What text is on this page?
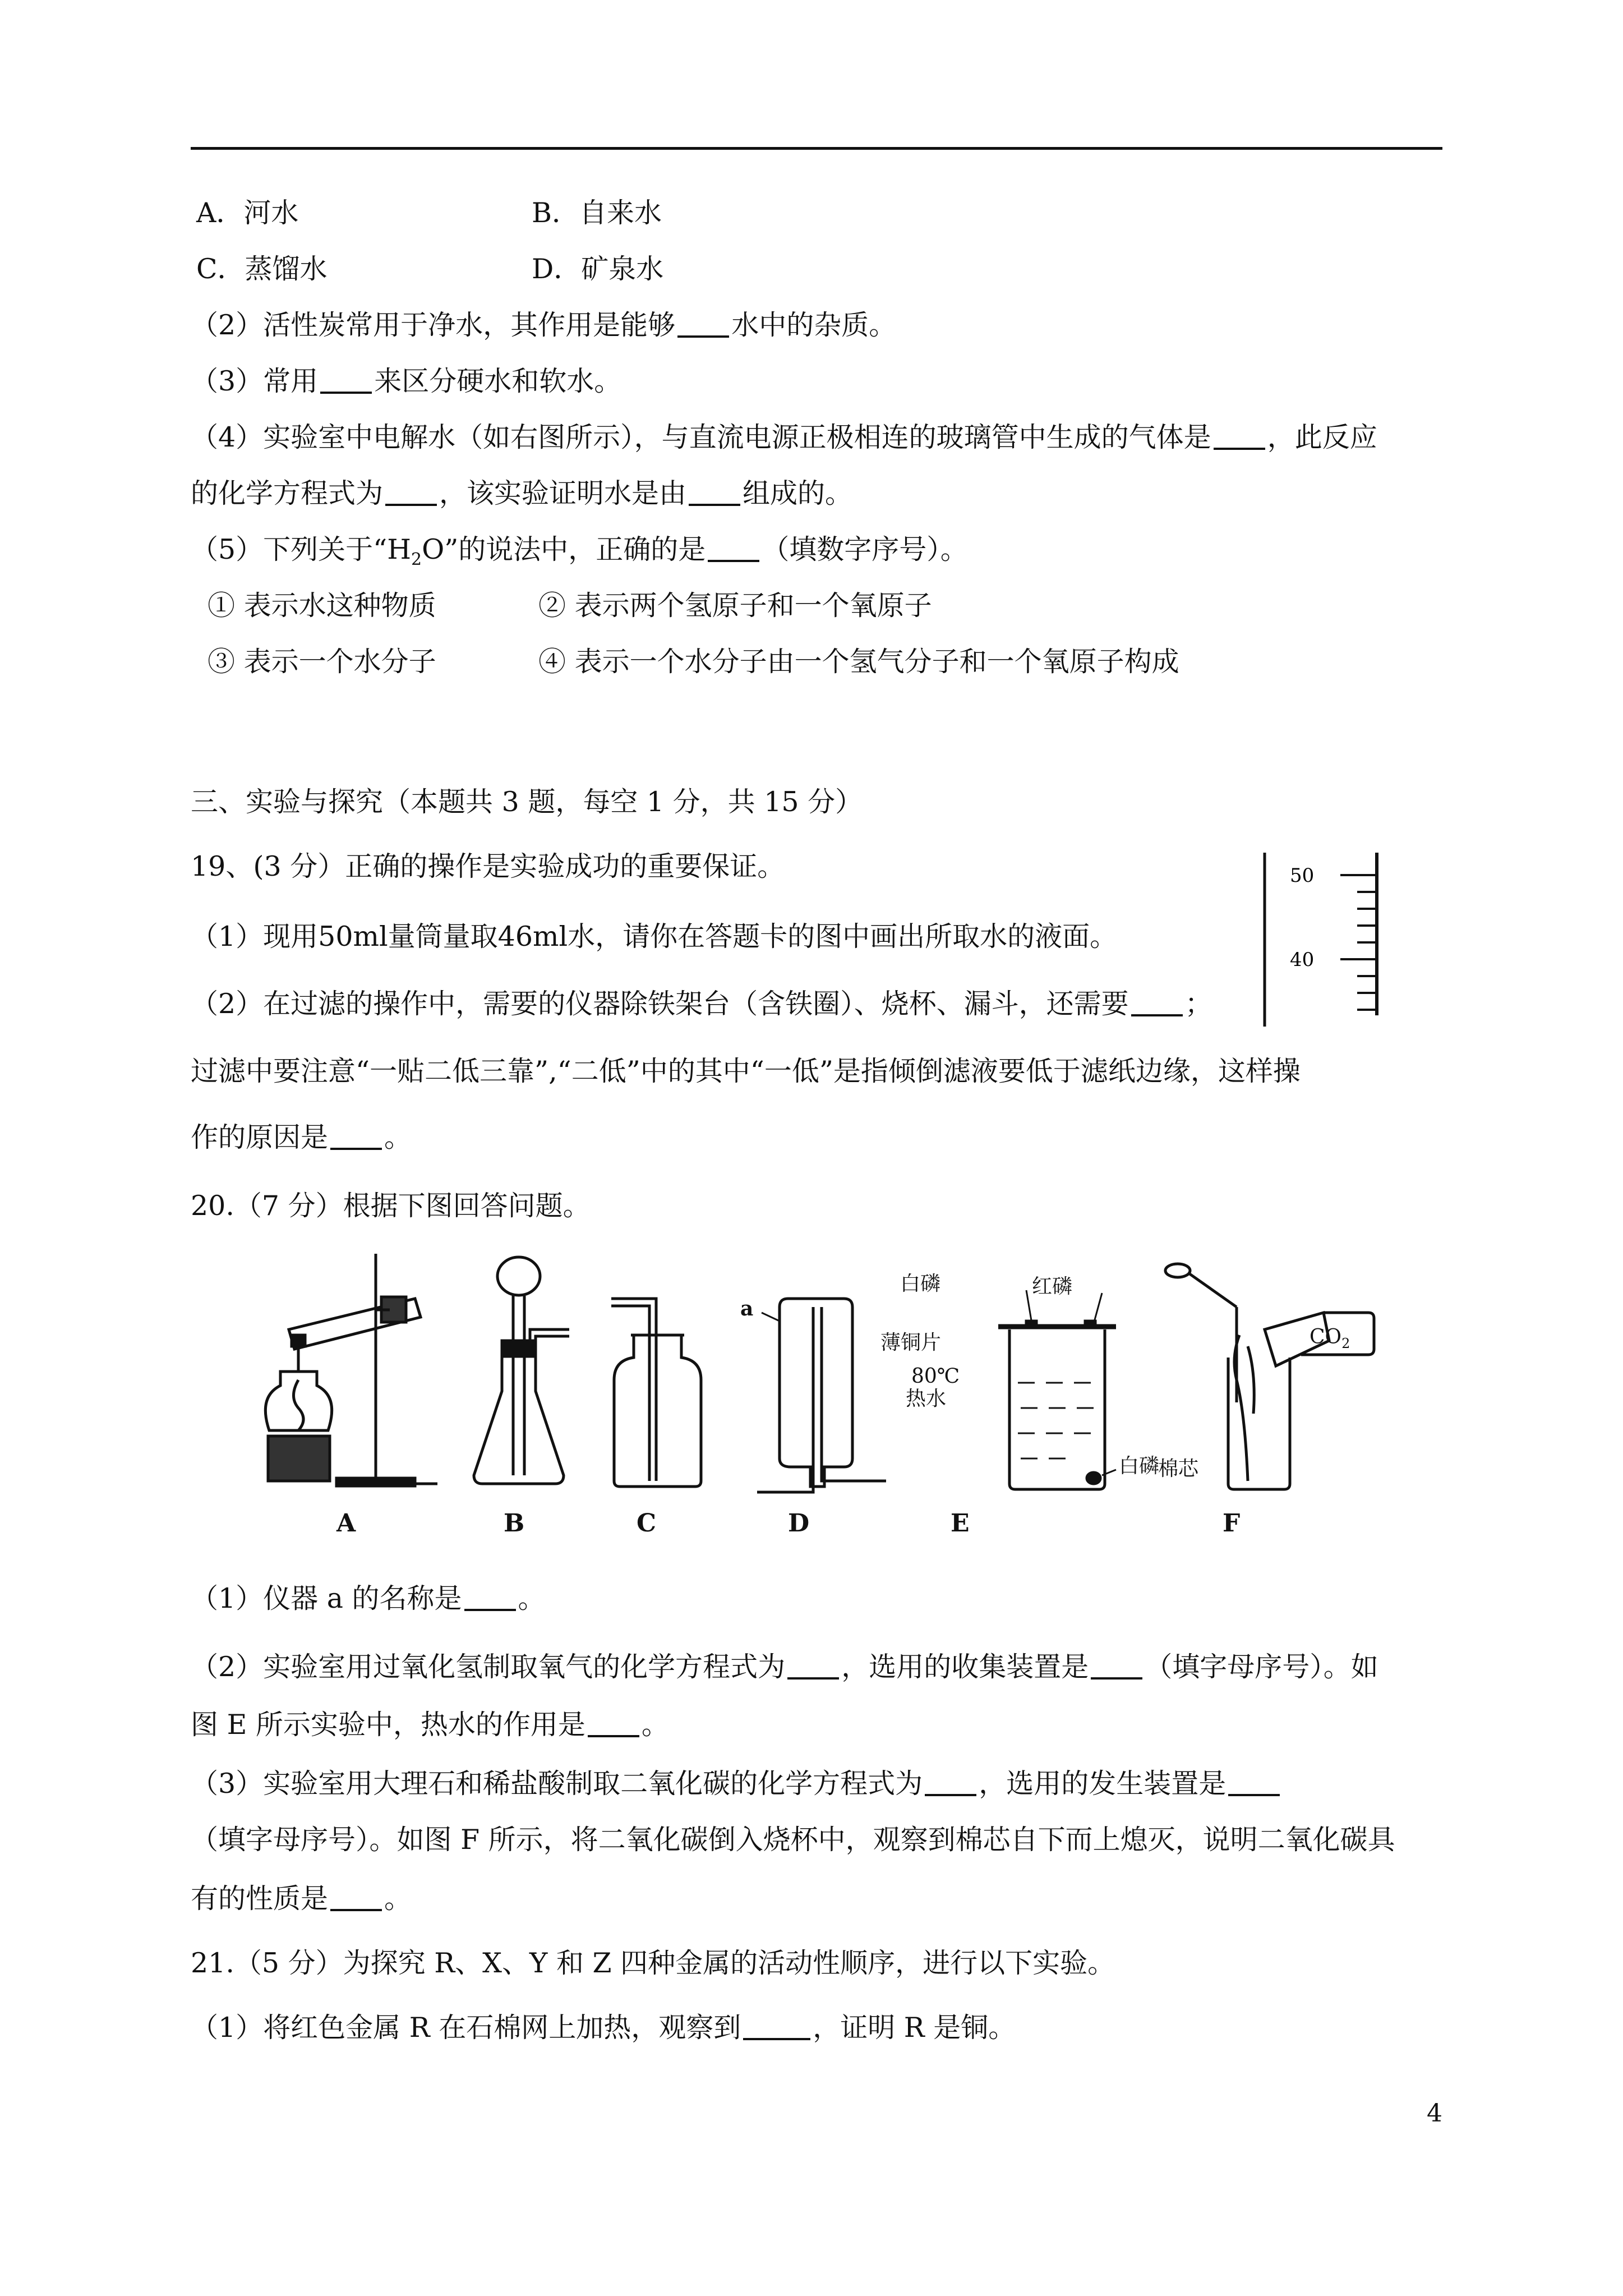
A．河水	B．自来水
C．蒸馏水	D．矿泉水
（2）活性炭常用于净水，其作用是能够 水中的杂质。
（3）常用 来区分硬水和软水。
（4）实验室中电解水（如右图所示），与直流电源正极相连的玻璃管中生成的气体是 ，此反应
的化学方程式为 ，该实验证明水是由 组成的。
（5）下列关于“$H_2O$”的说法中，正确的是 （填数字序号）。
① 表示水这种物质	② 表示两个氢原子和一个氧原子
③ 表示一个水分子	④ 表示一个水分子由一个氢气分子和一个氧原子构成
三、实验与探究（本题共 3 题，每空 1 分，共 15 分）
19、(3 分）正确的操作是实验成功的重要保证。
（1）现用50ml量筒量取46ml水，请你在答题卡的图中画出所取水的液面。
（2）在过滤的操作中，需要的仪器除铁架台（含铁圈）、烧杯、漏斗，还需要 ；
过滤中要注意“一贴二低三靠”,“二低”中的其中“一低”是指倾倒滤液要低于滤纸边缘，这样操
作的原因是 。
50
40
20.（7 分）根据下图回答问题。
A	B	C	D	E	F
a
白磷	红磷
薄铜片
80℃
热水
白磷
棉芯
$CO_2$
（1）仪器 a 的名称是 。
（2）实验室用过氧化氢制取氧气的化学方程式为 ，选用的收集装置是 （填字母序号）。如
图 E 所示实验中，热水的作用是 。
（3）实验室用大理石和稀盐酸制取二氧化碳的化学方程式为 ，选用的发生装置是
（填字母序号）。如图 F 所示，将二氧化碳倒入烧杯中，观察到棉芯自下而上熄灭，说明二氧化碳具
有的性质是 。
21.（5 分）为探究 R、X、Y 和 Z 四种金属的活动性顺序，进行以下实验。
（1）将红色金属 R 在石棉网上加热，观察到	，证明 R 是铜。
4
